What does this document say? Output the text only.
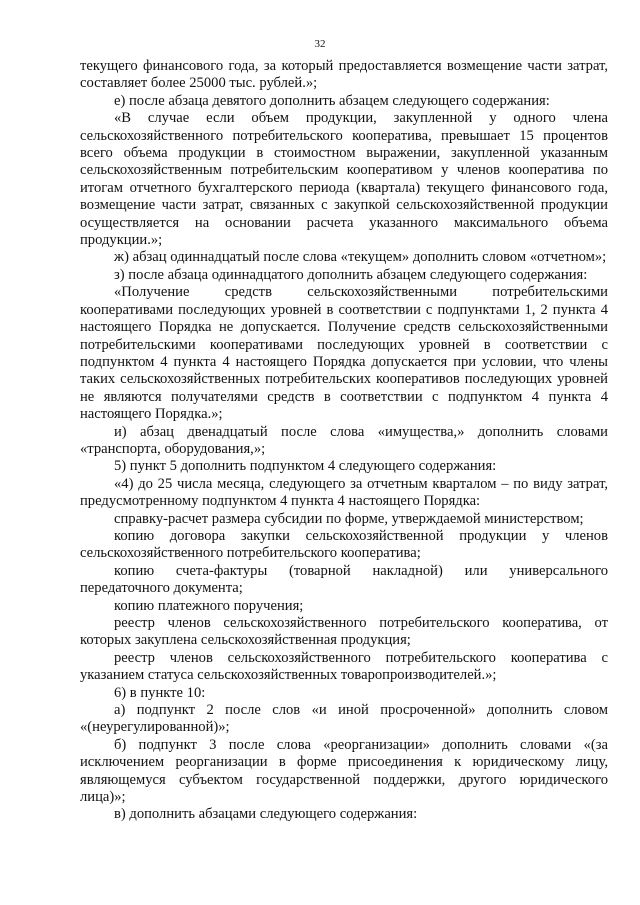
32

текущего финансового года, за который предоставляется возмещение части затрат, составляет более 25000 тыс. рублей.»;

е) после абзаца девятого дополнить абзацем следующего содержания:

«В случае если объем продукции, закупленной у одного члена сельскохозяйственного потребительского кооператива, превышает 15 процентов всего объема продукции в стоимостном выражении, закупленной указанным сельскохозяйственным потребительским кооперативом у членов кооператива по итогам отчетного бухгалтерского периода (квартала) текущего финансового года, возмещение части затрат, связанных с закупкой сельскохозяйственной продукции осуществляется на основании расчета указанного максимального объема продукции.»;

ж) абзац одиннадцатый после слова «текущем» дополнить словом «отчетном»;

з) после абзаца одиннадцатого дополнить абзацем следующего содержания:

«Получение средств сельскохозяйственными потребительскими кооперативами последующих уровней в соответствии с подпунктами 1, 2 пункта 4 настоящего Порядка не допускается. Получение средств сельскохозяйственными потребительскими кооперативами последующих уровней в соответствии с подпунктом 4 пункта 4 настоящего Порядка допускается при условии, что члены таких сельскохозяйственных потребительских кооперативов последующих уровней не являются получателями средств в соответствии с подпунктом 4 пункта 4 настоящего Порядка.»;

и) абзац двенадцатый после слова «имущества,» дополнить словами «транспорта, оборудования,»;

5) пункт 5 дополнить подпунктом 4 следующего содержания:

«4) до 25 числа месяца, следующего за отчетным кварталом – по виду затрат, предусмотренному подпунктом 4 пункта 4 настоящего Порядка:

справку-расчет размера субсидии по форме, утверждаемой министерством;

копию договора закупки сельскохозяйственной продукции у членов сельскохозяйственного потребительского кооператива;

копию счета-фактуры (товарной накладной) или универсального передаточного документа;

копию платежного поручения;

реестр членов сельскохозяйственного потребительского кооператива, от которых закуплена сельскохозяйственная продукция;

реестр членов сельскохозяйственного потребительского кооператива с указанием статуса сельскохозяйственных товаропроизводителей.»;

6) в пункте 10:

а) подпункт 2 после слов «и иной просроченной» дополнить словом «(неурегулированной)»;

б) подпункт 3 после слова «реорганизации» дополнить словами «(за исключением реорганизации в форме присоединения к юридическому лицу, являющемуся субъектом государственной поддержки, другого юридического лица)»;

в) дополнить абзацами следующего содержания:
